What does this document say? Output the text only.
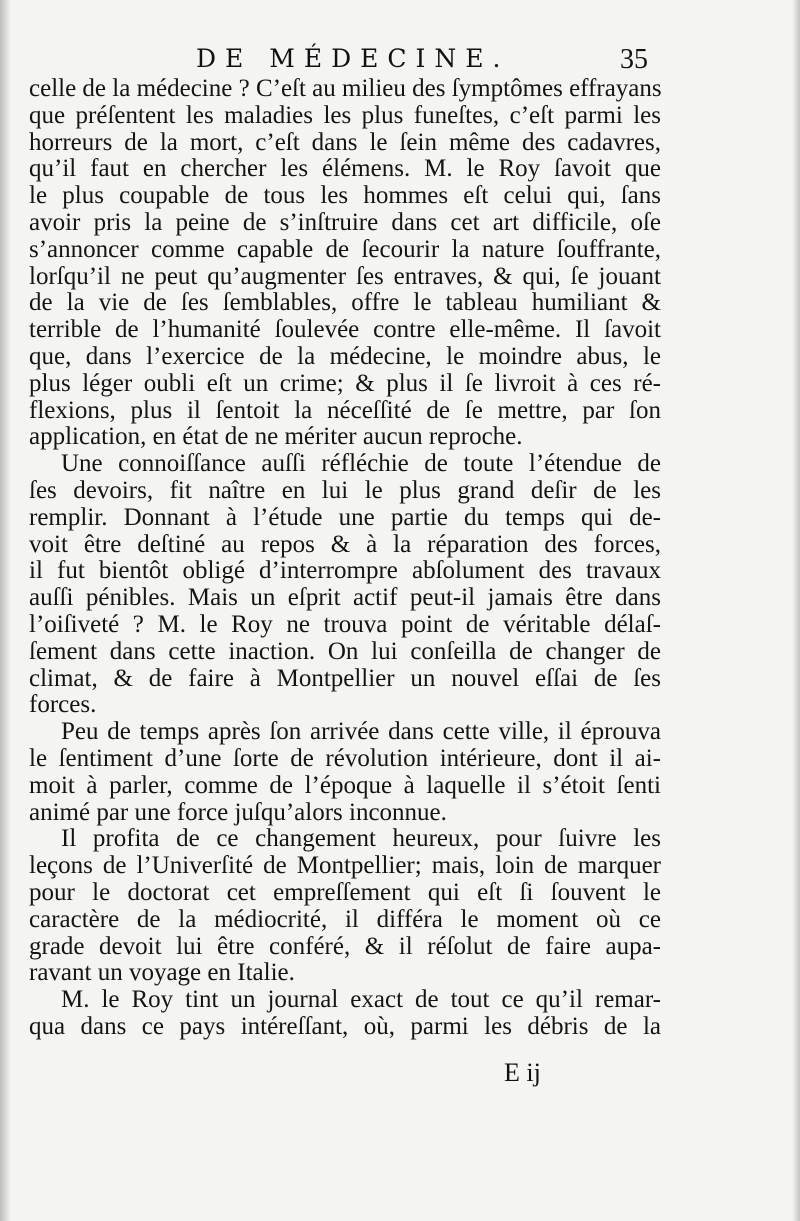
DE MÉDECINE.	35
celle de la médecine ? C’eſt au milieu des ſymptômes effrayans
que préſentent les maladies les plus funeſtes, c’eſt parmi les
horreurs de la mort, c’eſt dans le ſein même des cadavres,
qu’il faut en chercher les élémens. M. le Roy ſavoit que
le plus coupable de tous les hommes eſt celui qui, ſans
avoir pris la peine de s’inſtruire dans cet art difficile, oſe
s’annoncer comme capable de ſecourir la nature ſouffrante,
lorſqu’il ne peut qu’augmenter ſes entraves, & qui, ſe jouant
de la vie de ſes ſemblables, offre le tableau humiliant &
terrible de l’humanité ſoulevée contre elle-même. Il ſavoit
que, dans l’exercice de la médecine, le moindre abus, le
plus léger oubli eſt un crime; & plus il ſe livroit à ces ré-
flexions, plus il ſentoit la néceſſité de ſe mettre, par ſon
application, en état de ne mériter aucun reproche.
Une connoiſſance auſſi réfléchie de toute l’étendue de
ſes devoirs, fit naître en lui le plus grand deſir de les
remplir. Donnant à l’étude une partie du temps qui de-
voit être deſtiné au repos & à la réparation des forces,
il fut bientôt obligé d’interrompre abſolument des travaux
auſſi pénibles. Mais un eſprit actif peut-il jamais être dans
l’oiſiveté ? M. le Roy ne trouva point de véritable délaſ-
ſement dans cette inaction. On lui conſeilla de changer de
climat, & de faire à Montpellier un nouvel eſſai de ſes
forces.
Peu de temps après ſon arrivée dans cette ville, il éprouva
le ſentiment d’une ſorte de révolution intérieure, dont il ai-
moit à parler, comme de l’époque à laquelle il s’étoit ſenti
animé par une force juſqu’alors inconnue.
Il profita de ce changement heureux, pour ſuivre les
leçons de l’Univerſité de Montpellier; mais, loin de marquer
pour le doctorat cet empreſſement qui eſt ſi ſouvent le
caractère de la médiocrité, il différa le moment où ce
grade devoit lui être conféré, & il réſolut de faire aupa-
ravant un voyage en Italie.
M. le Roy tint un journal exact de tout ce qu’il remar-
qua dans ce pays intéreſſant, où, parmi les débris de la
E ij
